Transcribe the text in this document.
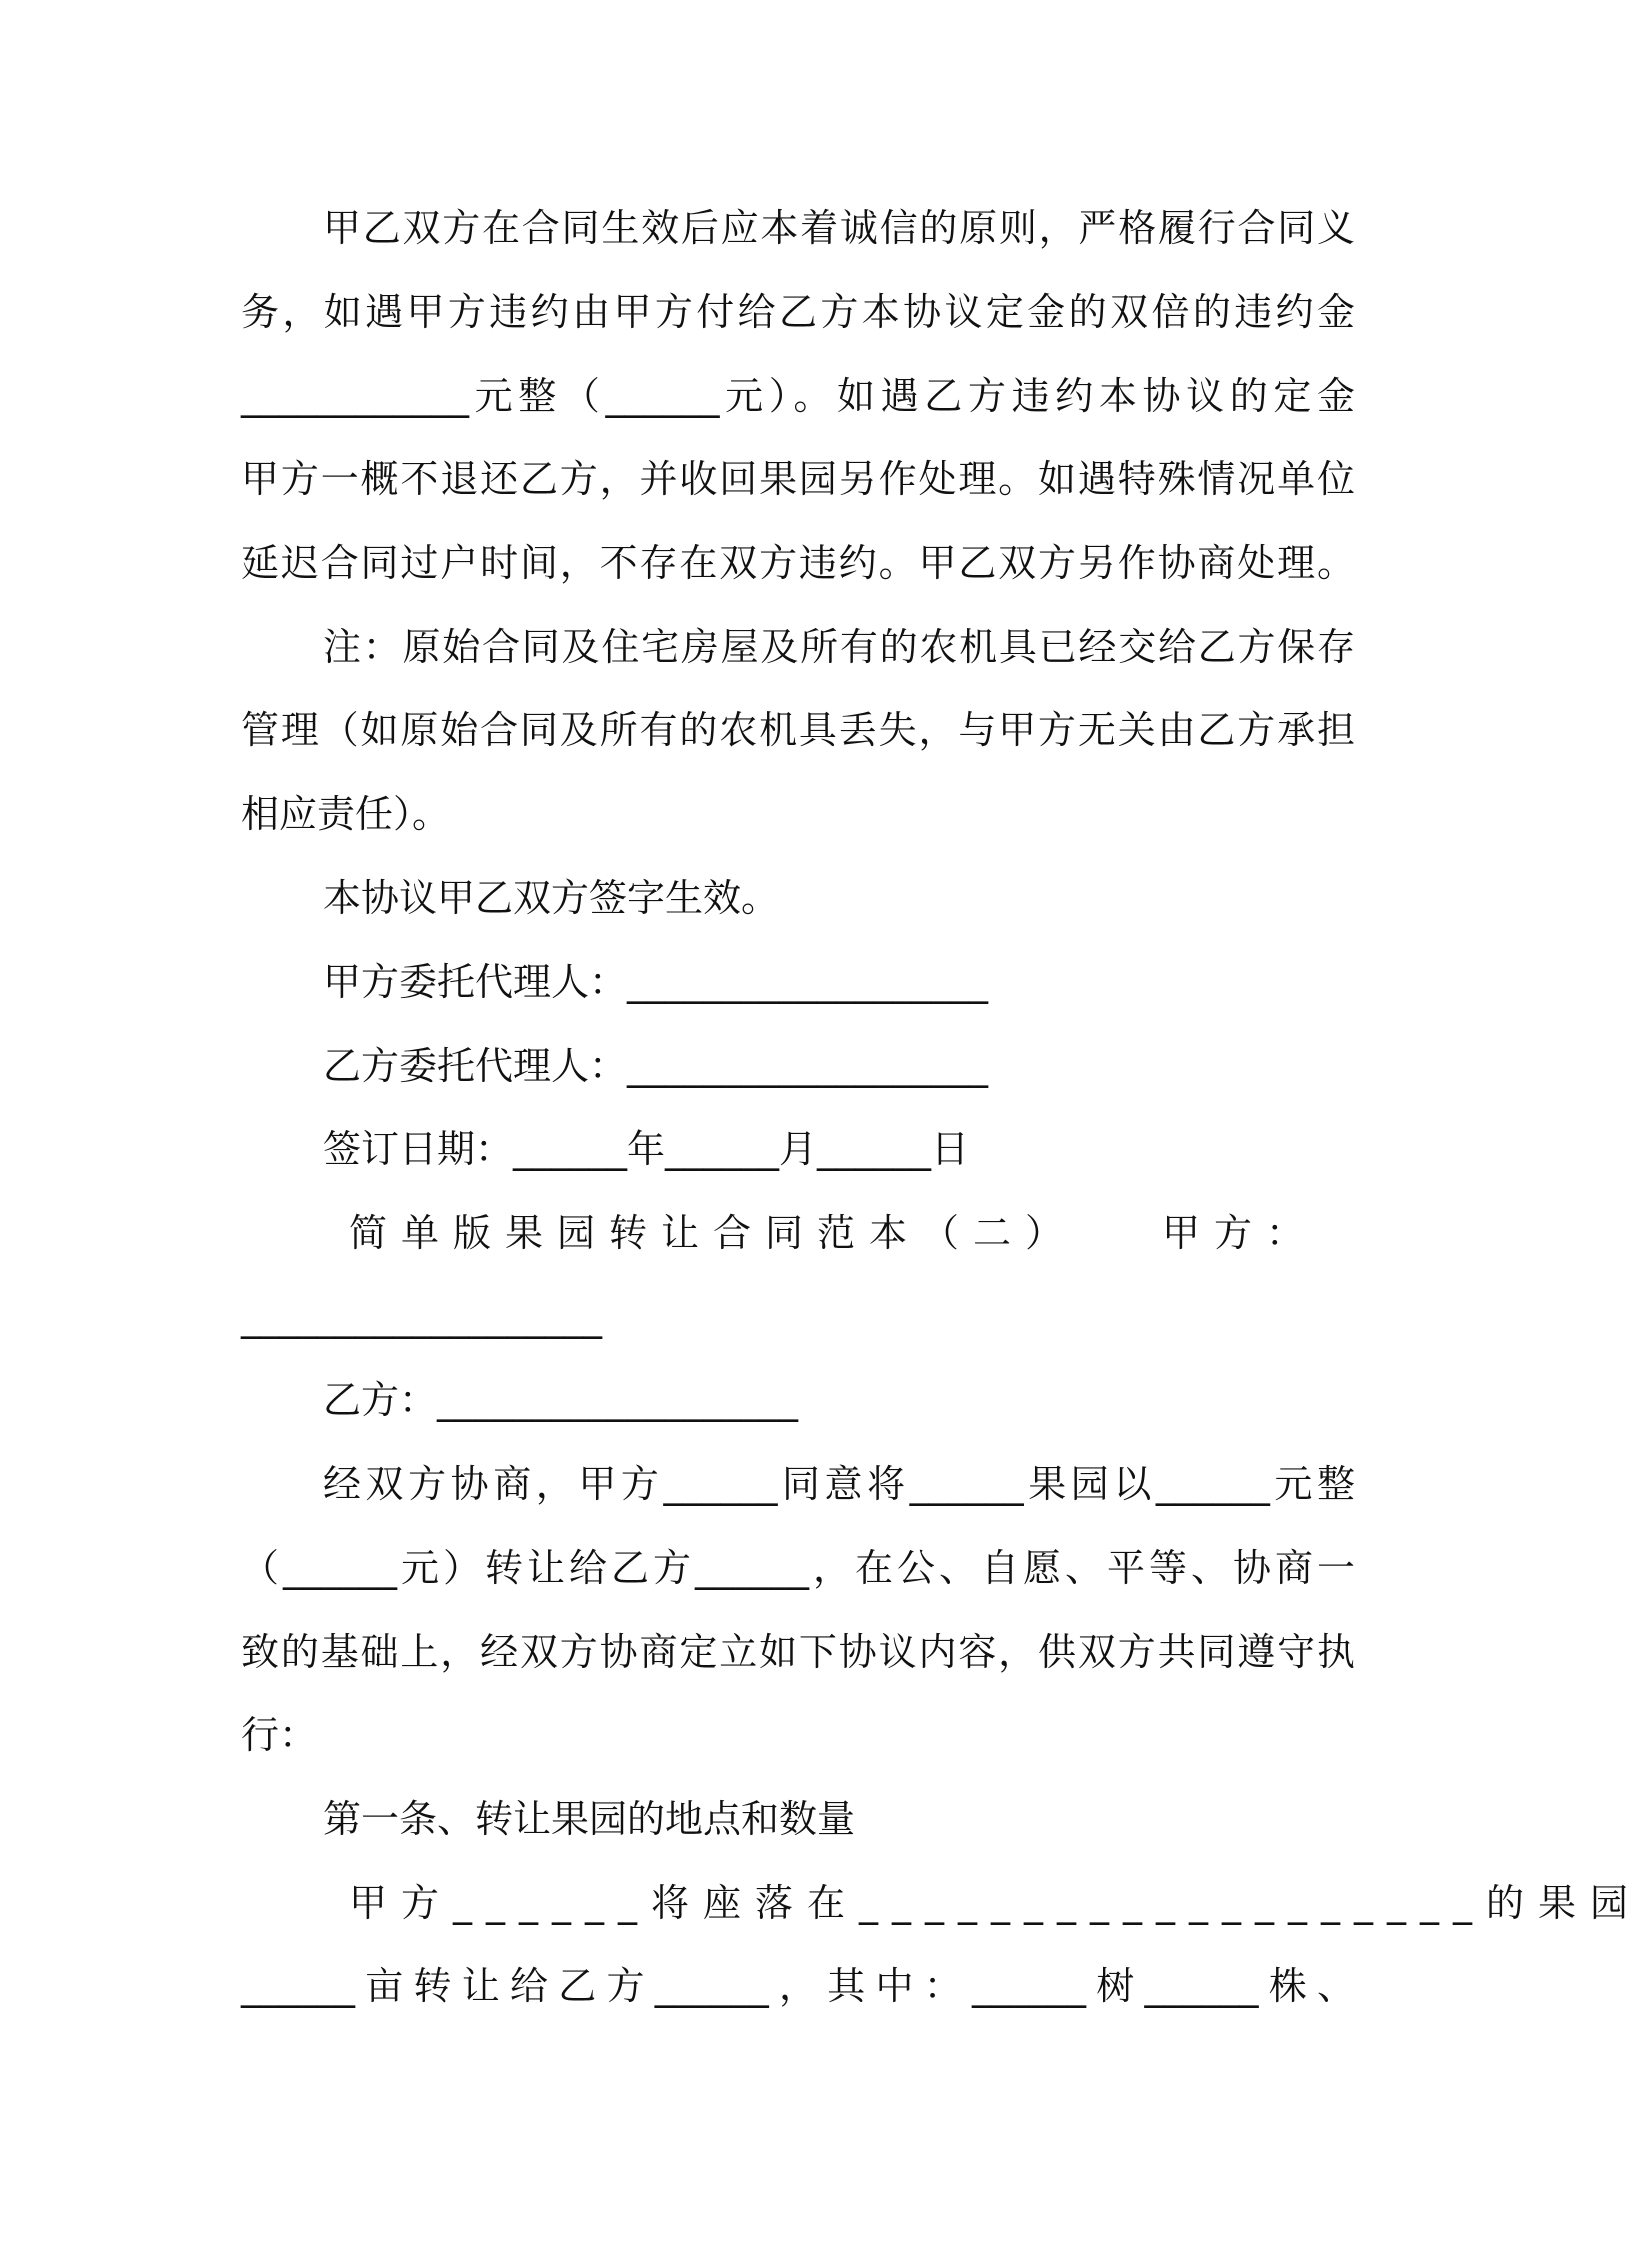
甲乙双方在合同生效后应本着诚信的原则，严格履行合同义
务，如遇甲方违约由甲方付给乙方本协议定金的双倍的违约金
____________元整（______元）。如遇乙方违约本协议的定金
甲方一概不退还乙方，并收回果园另作处理。如遇特殊情况单位
延迟合同过户时间，不存在双方违约。甲乙双方另作协商处理。
注：原始合同及住宅房屋及所有的农机具已经交给乙方保存
管理（如原始合同及所有的农机具丢失，与甲方无关由乙方承担
相应责任）。
本协议甲乙双方签字生效。
甲方委托代理人：___________________
乙方委托代理人：___________________
签订日期：______年______月______日
简单版果园转让合同范本（二）　　甲方：
___________________
乙方：___________________
经双方协商，甲方______同意将______果园以______元整
（______元）转让给乙方______，在公、自愿、平等、协商一
致的基础上，经双方协商定立如下协议内容，供双方共同遵守执
行：
第一条、转让果园的地点和数量
甲方______将座落在___________________的果园
______亩转让给乙方______，其中：______树______株、
